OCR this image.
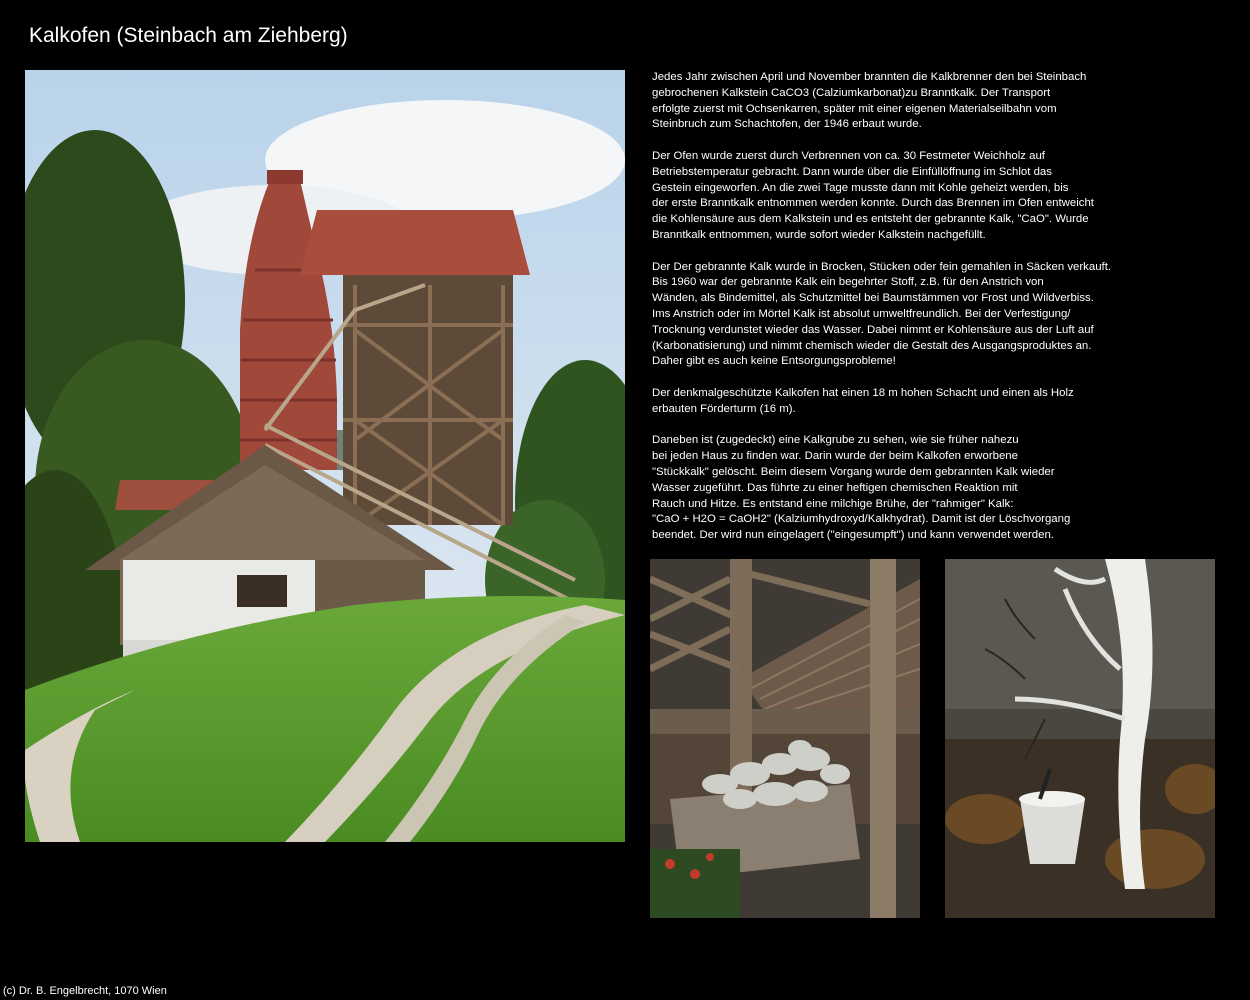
Kalkofen (Steinbach am Ziehberg)

Jedes Jahr zwischen April und November brannten die Kalkbrenner den bei Steinbach
gebrochenen Kalkstein CaCO3 (Calziumkarbonat)zu Branntkalk. Der Transport
erfolgte zuerst mit Ochsenkarren, später mit einer eigenen Materialseilbahn vom
Steinbruch zum Schachtofen, der 1946 erbaut wurde.

Der Ofen wurde zuerst durch Verbrennen von ca. 30 Festmeter Weichholz auf
Betriebstemperatur gebracht. Dann wurde über die Einfüllöffnung im Schlot das
Gestein eingeworfen. An die zwei Tage musste dann mit Kohle geheizt werden, bis
der erste Branntkalk entnommen werden konnte. Durch das Brennen im Ofen entweicht
die Kohlensäure aus dem Kalkstein und es entsteht der gebrannte Kalk, "CaO". Wurde
Branntkalk entnommen, wurde sofort wieder Kalkstein nachgefüllt.

Der Der gebrannte Kalk wurde in Brocken, Stücken oder fein gemahlen in Säcken verkauft.
Bis 1960 war der gebrannte Kalk ein begehrter Stoff, z.B. für den Anstrich von
Wänden, als Bindemittel, als Schutzmittel bei Baumstämmen vor Frost und Wildverbiss.
Ims Anstrich oder im Mörtel Kalk ist absolut umweltfreundlich. Bei der Verfestigung/
Trocknung verdunstet wieder das Wasser. Dabei nimmt er Kohlensäure aus der Luft auf
(Karbonatisierung) und nimmt chemisch wieder die Gestalt des Ausgangsproduktes an.
Daher gibt es auch keine Entsorgungsprobleme!

Der denkmalgeschützte Kalkofen hat einen 18 m hohen Schacht und einen als Holz
erbauten Förderturm (16 m).

Daneben ist (zugedeckt) eine Kalkgrube zu sehen, wie sie früher nahezu
bei jeden Haus zu finden war. Darin wurde der beim Kalkofen erworbene
"Stückkalk" gelöscht. Beim diesem Vorgang wurde dem gebrannten Kalk wieder
Wasser zugeführt. Das führte zu einer heftigen chemischen Reaktion mit
Rauch und Hitze. Es entstand eine milchige Brühe, der "rahmiger" Kalk:
"CaO + H2O = CaOH2" (Kalziumhydroxyd/Kalkhydrat). Damit ist der Löschvorgang
beendet. Der wird nun eingelagert ("eingesumpft") und kann verwendet werden.

(c) Dr. B. Engelbrecht, 1070 Wien
